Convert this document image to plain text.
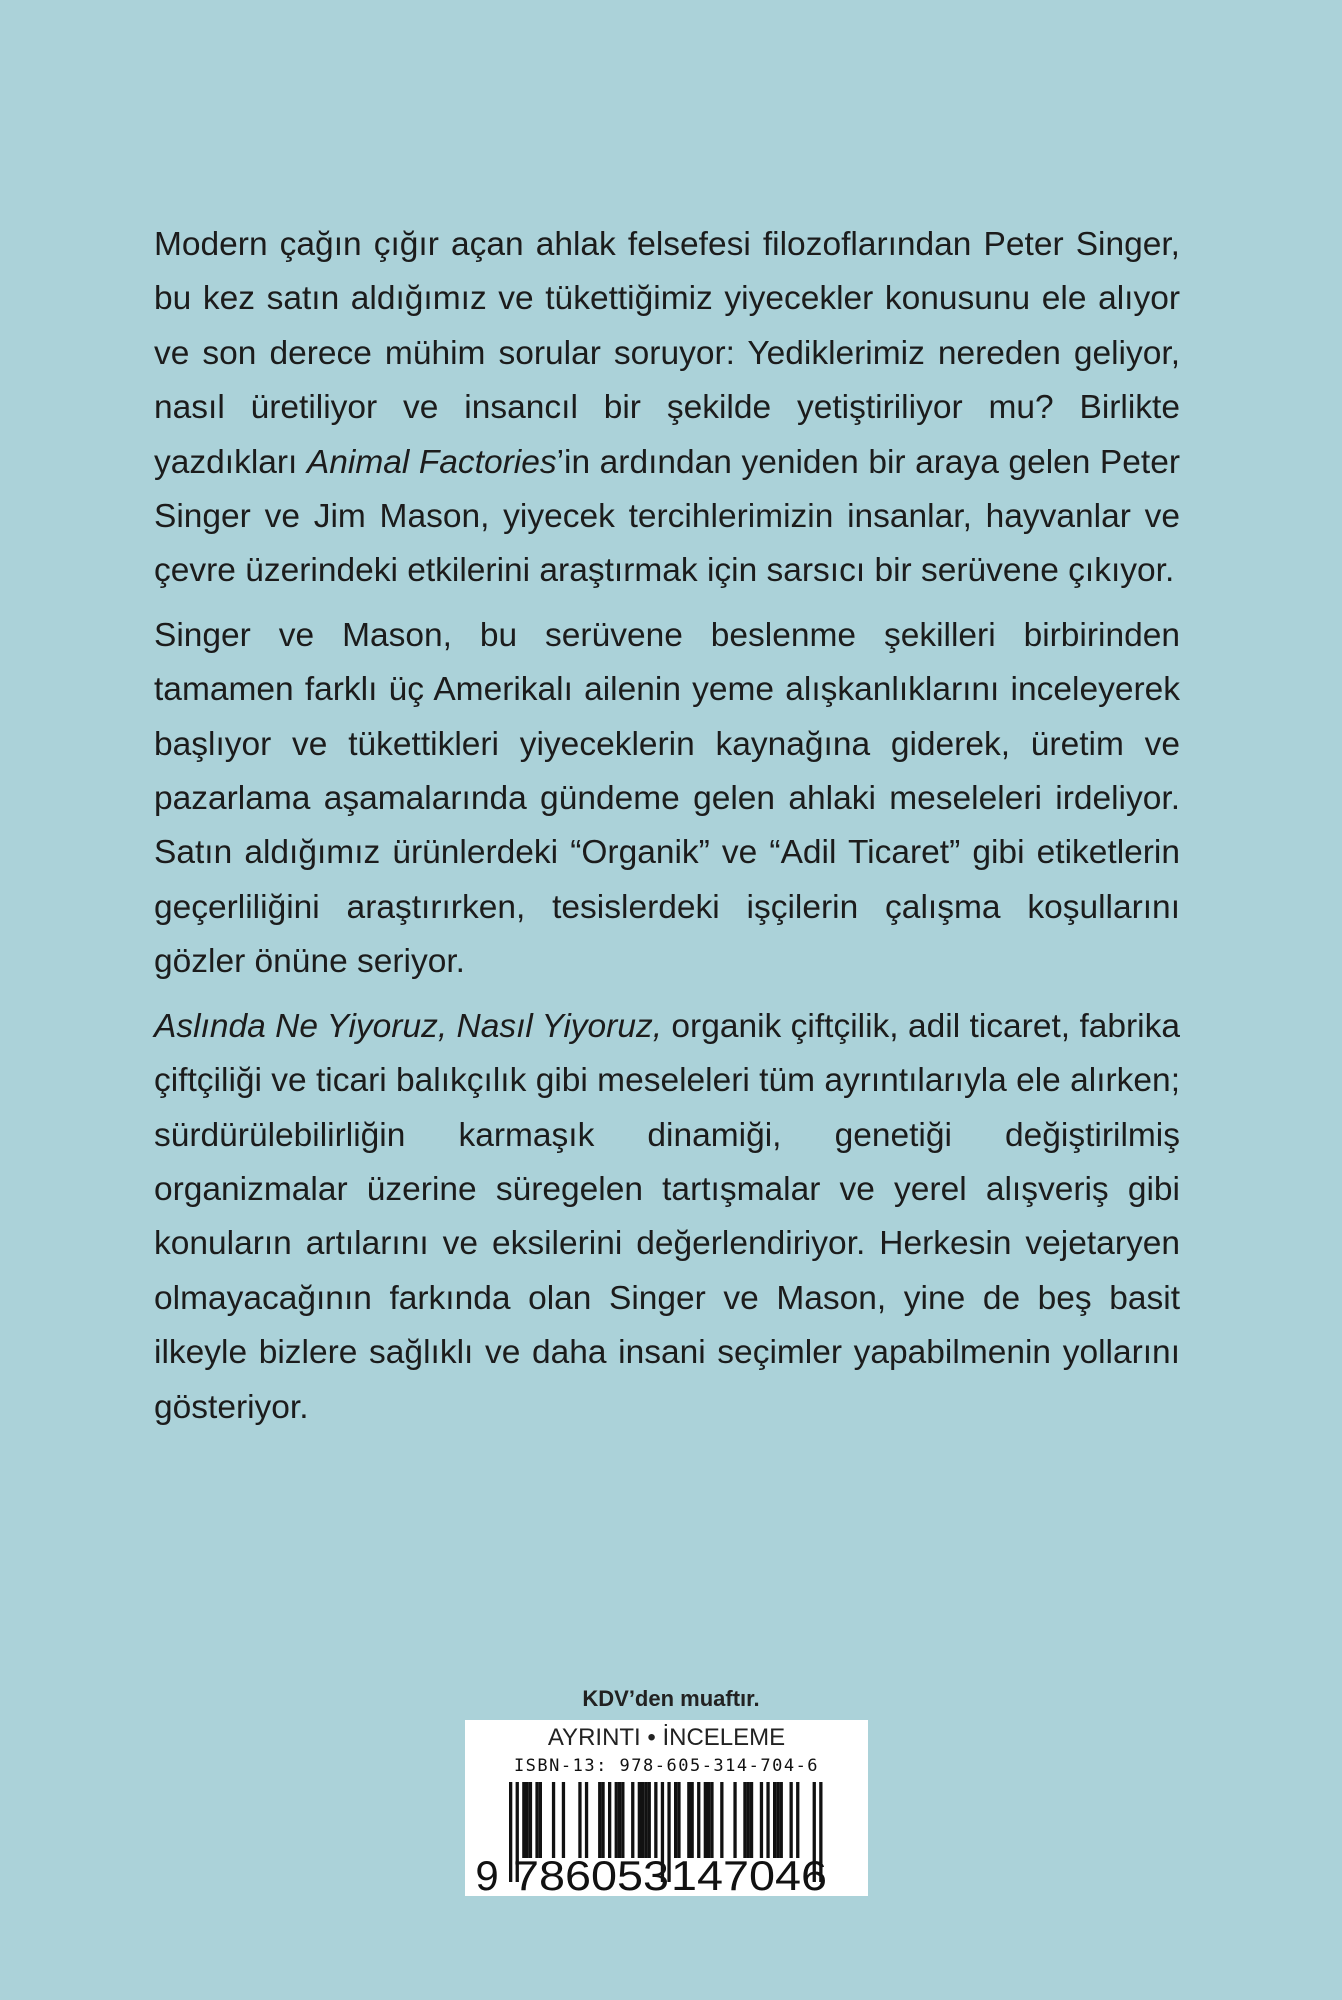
Modern çağın çığır açan ahlak felsefesi filozoflarından Peter Singer, bu kez satın aldığımız ve tükettiğimiz yiyecekler konusunu ele alıyor ve son derece mühim sorular soruyor: Yediklerimiz nereden geliyor, nasıl üretiliyor ve insancıl bir şekilde yetiştiriliyor mu? Birlikte yazdıkları Animal Factories’in ardından yeniden bir araya gelen Peter Singer ve Jim Mason, yiyecek tercihlerimizin insanlar, hayvanlar ve çevre üzerindeki etkilerini araştırmak için sarsıcı bir serüvene çıkıyor.

Singer ve Mason, bu serüvene beslenme şekilleri birbirinden tamamen farklı üç Amerikalı ailenin yeme alışkanlıklarını inceleyerek başlıyor ve tükettikleri yiyeceklerin kaynağına giderek, üretim ve pazarlama aşamalarında gündeme gelen ahlaki meseleleri irdeliyor. Satın aldığımız ürünlerdeki “Organik” ve “Adil Ticaret” gibi etiketlerin geçerliliğini araştırırken, tesislerdeki işçilerin çalışma koşullarını gözler önüne seriyor.

Aslında Ne Yiyoruz, Nasıl Yiyoruz, organik çiftçilik, adil ticaret, fabrika çiftçiliği ve ticari balıkçılık gibi meseleleri tüm ayrıntılarıyla ele alırken; sürdürülebilirliğin karmaşık dinamiği, genetiği değiştirilmiş organizmalar üzerine süregelen tartışmalar ve yerel alışveriş gibi konuların artılarını ve eksilerini değerlendiriyor. Herkesin vejetaryen olmayacağının farkında olan Singer ve Mason, yine de beş basit ilkeyle bizlere sağlıklı ve daha insani seçimler yapabilmenin yollarını gösteriyor.

KDV’den muaftır.
AYRINTI • İNCELEME
ISBN-13: 978-605-314-704-6
9 786053 147046
